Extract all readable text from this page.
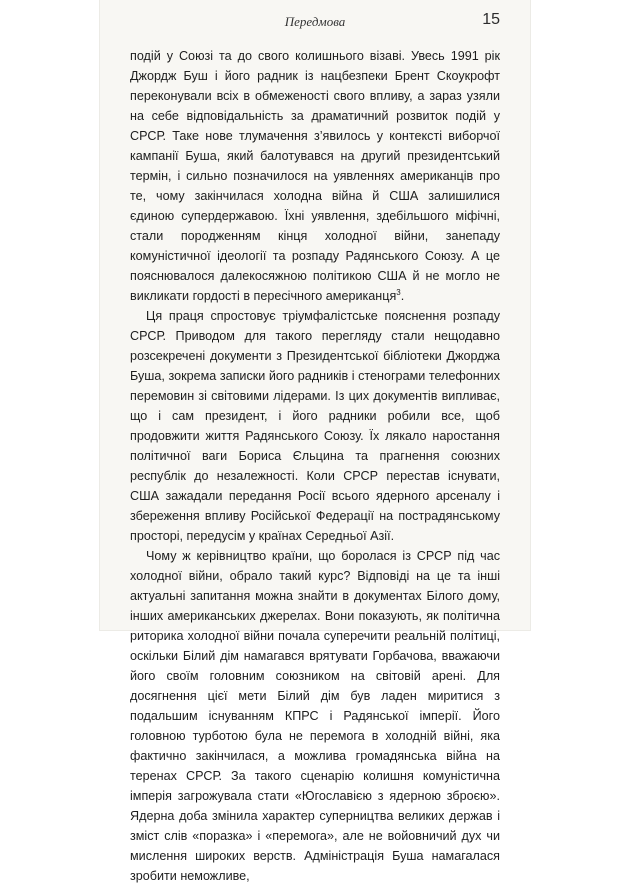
Передмова	15

подій у Союзі та до свого колишнього візаві. Увесь 1991 рік Джордж Буш і його радник із нацбезпеки Брент Скоукрофт переконували всіх в обмеженості свого впливу, а зараз узяли на себе відповідальність за драматичний розвиток подій у СРСР. Таке нове тлумачення з’явилось у контексті виборчої кампанії Буша, який балотувався на другий президентський термін, і сильно позначилося на уявленнях американців про те, чому закінчилася холодна війна й США залишилися єдиною супердержавою. Їхні уявлення, здебільшого міфічні, стали породженням кінця холодної війни, занепаду комуністичної ідеології та розпаду Радянського Союзу. А це пояснювалося далекосяжною політикою США й не могло не викликати гордості в пересічного американця$^3$.

Ця праця спростовує тріумфалістське пояснення розпаду СРСР. Приводом для такого перегляду стали нещодавно розсекречені документи з Президентської бібліотеки Джорджа Буша, зокрема записки його радників і стенограми телефонних перемовин зі світовими лідерами. Із цих документів випливає, що і сам президент, і його радники робили все, щоб продовжити життя Радянського Союзу. Їх лякало наростання політичної ваги Бориса Єльцина та прагнення союзних республік до незалежності. Коли СРСР перестав існувати, США зажадали передання Росії всього ядерного арсеналу і збереження впливу Російської Федерації на пострадянському просторі, передусім у країнах Середньої Азії.

Чому ж керівництво країни, що боролася із СРСР під час холодної війни, обрало такий курс? Відповіді на це та інші актуальні запитання можна знайти в документах Білого дому, інших американських джерелах. Вони показують, як політична риторика холодної війни почала суперечити реальній політиці, оскільки Білий дім намагався врятувати Горбачова, вважаючи його своїм головним союзником на світовій арені. Для досягнення цієї мети Білий дім був ладен миритися з подальшим існуванням КПРС і Радянської імперії. Його головною турботою була не перемога в холодній війні, яка фактично закінчилася, а можлива громадянська війна на теренах СРСР. За такого сценарію колишня комуністична імперія загрожувала стати «Югославією з ядерною зброєю». Ядерна доба змінила характер суперництва великих держав і зміст слів «поразка» і «перемога», але не войовничий дух чи мислення широких верств. Адміністрація Буша намагалася зробити неможливе,
